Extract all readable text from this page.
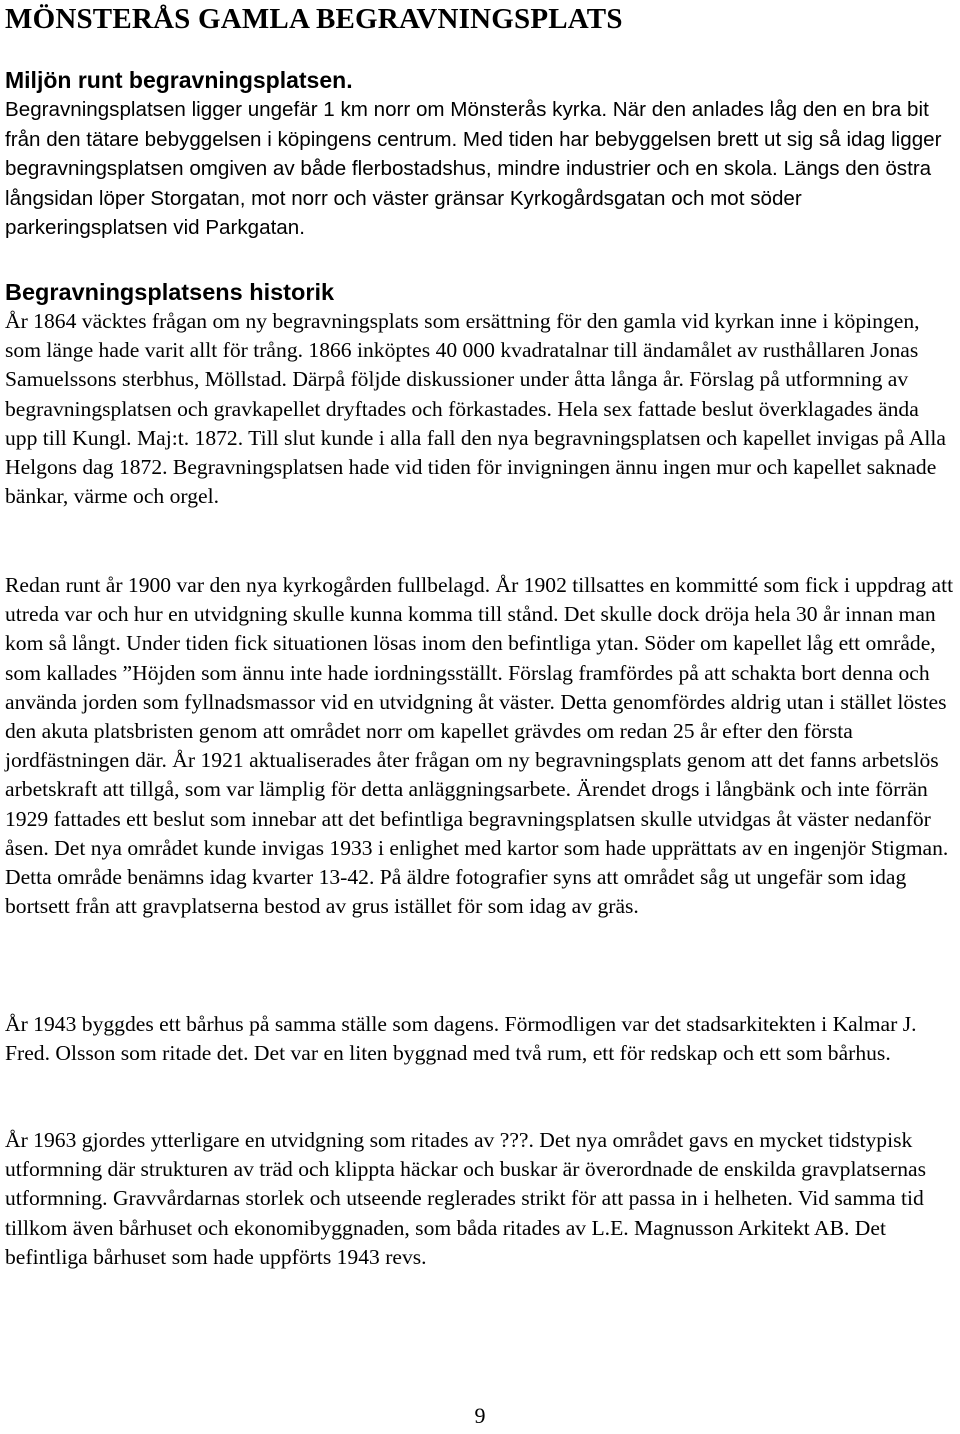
MÖNSTERÅS GAMLA BEGRAVNINGSPLATS
Miljön runt begravningsplatsen.

Begravningsplatsen ligger ungefär 1 km norr om Mönsterås kyrka. När den anlades låg den en bra bit från den tätare bebyggelsen i köpingens centrum. Med tiden har bebyggelsen brett ut sig så idag ligger begravningsplatsen omgiven av både flerbostadshus, mindre industrier och en skola. Längs den östra långsidan löper Storgatan, mot norr och väster gränsar Kyrkogårdsgatan och mot söder parkeringsplatsen vid Parkgatan.

Begravningsplatsens historik

År 1864 väcktes frågan om ny begravningsplats som ersättning för den gamla vid kyrkan inne i köpingen, som länge hade varit allt för trång. 1866 inköptes 40 000 kvadratalnar till ändamålet av rusthållaren Jonas Samuelssons sterbhus, Möllstad. Därpå följde diskussioner under åtta långa år. Förslag på utformning av begravningsplatsen och gravkapellet dryftades och förkastades. Hela sex fattade beslut överklagades ända upp till Kungl. Maj:t. 1872. Till slut kunde i alla fall den nya begravningsplatsen och kapellet invigas på Alla Helgons dag 1872. Begravningsplatsen hade vid tiden för invigningen ännu ingen mur och kapellet saknade bänkar, värme och orgel.

Redan runt år 1900 var den nya kyrkogården fullbelagd. År 1902 tillsattes en kommitté som fick i uppdrag att utreda var och hur en utvidgning skulle kunna komma till stånd. Det skulle dock dröja hela 30 år innan man kom så långt. Under tiden fick situationen lösas inom den befintliga ytan. Söder om kapellet låg ett område, som kallades ”Höjden som ännu inte hade iordningsställt. Förslag framfördes på att schakta bort denna och använda jorden som fyllnadsmassor vid en utvidgning åt väster. Detta genomfördes aldrig utan i stället löstes den akuta platsbristen genom att området norr om kapellet grävdes om redan 25 år efter den första jordfästningen där. År 1921 aktualiserades åter frågan om ny begravningsplats genom att det fanns arbetslös arbetskraft att tillgå, som var lämplig för detta anläggningsarbete. Ärendet drogs i långbänk och inte förrän 1929 fattades ett beslut som innebar att det befintliga begravningsplatsen skulle utvidgas åt väster nedanför åsen. Det nya området kunde invigas 1933 i enlighet med kartor som hade upprättats av en ingenjör Stigman. Detta område benämns idag kvarter 13-42. På äldre fotografier syns att området såg ut ungefär som idag bortsett från att gravplatserna bestod av grus istället för som idag av gräs.

År 1943 byggdes ett bårhus på samma ställe som dagens. Förmodligen var det stadsarkitekten i Kalmar J. Fred. Olsson som ritade det. Det var en liten byggnad med två rum, ett för redskap och ett som bårhus.

År 1963 gjordes ytterligare en utvidgning som ritades av ???. Det nya området gavs en mycket tidstypisk utformning där strukturen av träd och klippta häckar och buskar är överordnade de enskilda gravplatsernas utformning. Gravvårdarnas storlek och utseende reglerades strikt för att passa in i helheten. Vid samma tid tillkom även bårhuset och ekonomibyggnaden, som båda ritades av L.E. Magnusson Arkitekt AB. Det befintliga bårhuset som hade uppförts 1943 revs.

9
